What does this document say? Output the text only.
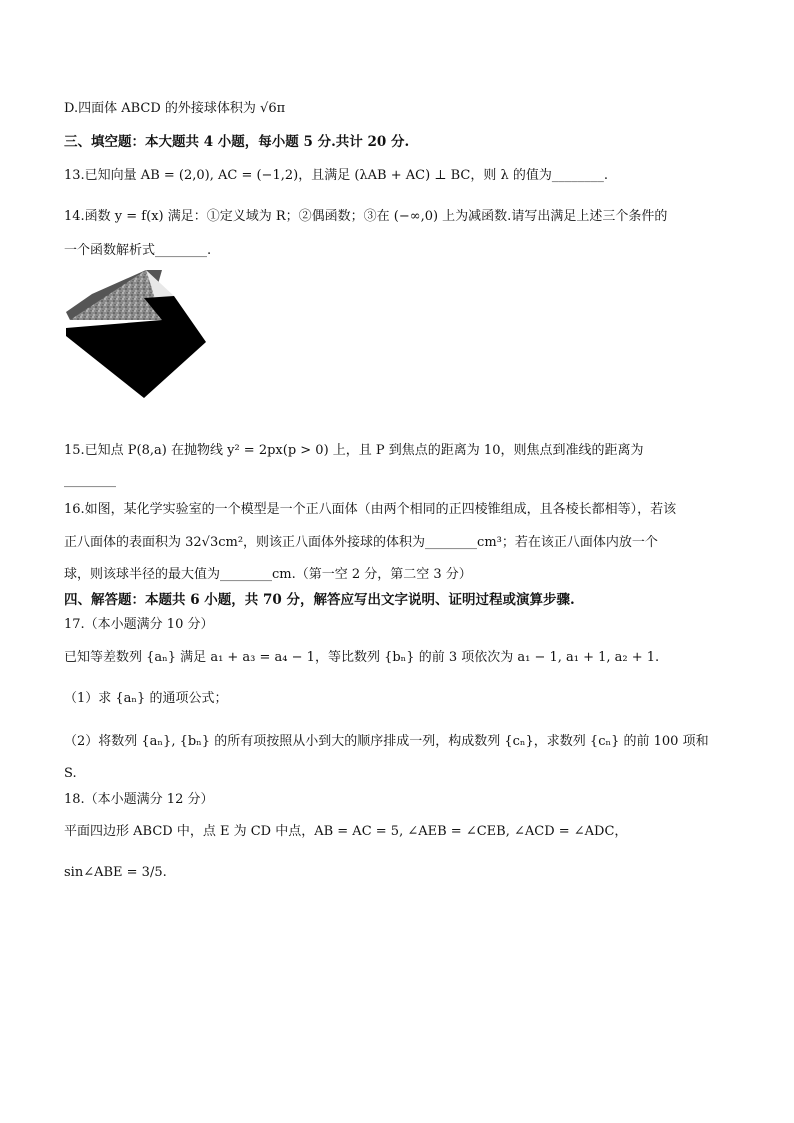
D.四面体 ABCD 的外接球体积为 √6π
三、填空题：本大题共 4 小题，每小题 5 分.共计 20 分.
13.已知向量 AB = (2,0), AC = (−1,2)，且满足 (λAB + AC) ⊥ BC，则 λ 的值为________.
14.函数 y = f(x) 满足：①定义域为 R；②偶函数；③在 (−∞,0) 上为减函数.请写出满足上述三个条件的
一个函数解析式________.
15.已知点 P(8,a) 在抛物线 y² = 2px(p > 0) 上，且 P 到焦点的距离为 10，则焦点到准线的距离为
________
16.如图，某化学实验室的一个模型是一个正八面体（由两个相同的正四棱锥组成，且各棱长都相等），若该
正八面体的表面积为 32√3cm²，则该正八面体外接球的体积为________cm³；若在该正八面体内放一个
球，则该球半径的最大值为________cm.（第一空 2 分，第二空 3 分）
四、解答题：本题共 6 小题，共 70 分，解答应写出文字说明、证明过程或演算步骤.
17.（本小题满分 10 分）
已知等差数列 {aₙ} 满足 a₁ + a₃ = a₄ − 1，等比数列 {bₙ} 的前 3 项依次为 a₁ − 1, a₁ + 1, a₂ + 1.
（1）求 {aₙ} 的通项公式；
（2）将数列 {aₙ}, {bₙ} 的所有项按照从小到大的顺序排成一列，构成数列 {cₙ}，求数列 {cₙ} 的前 100 项和
S.
18.（本小题满分 12 分）
平面四边形 ABCD 中，点 E 为 CD 中点，AB = AC = 5, ∠AEB = ∠CEB, ∠ACD = ∠ADC，
sin∠ABE = 3/5.
